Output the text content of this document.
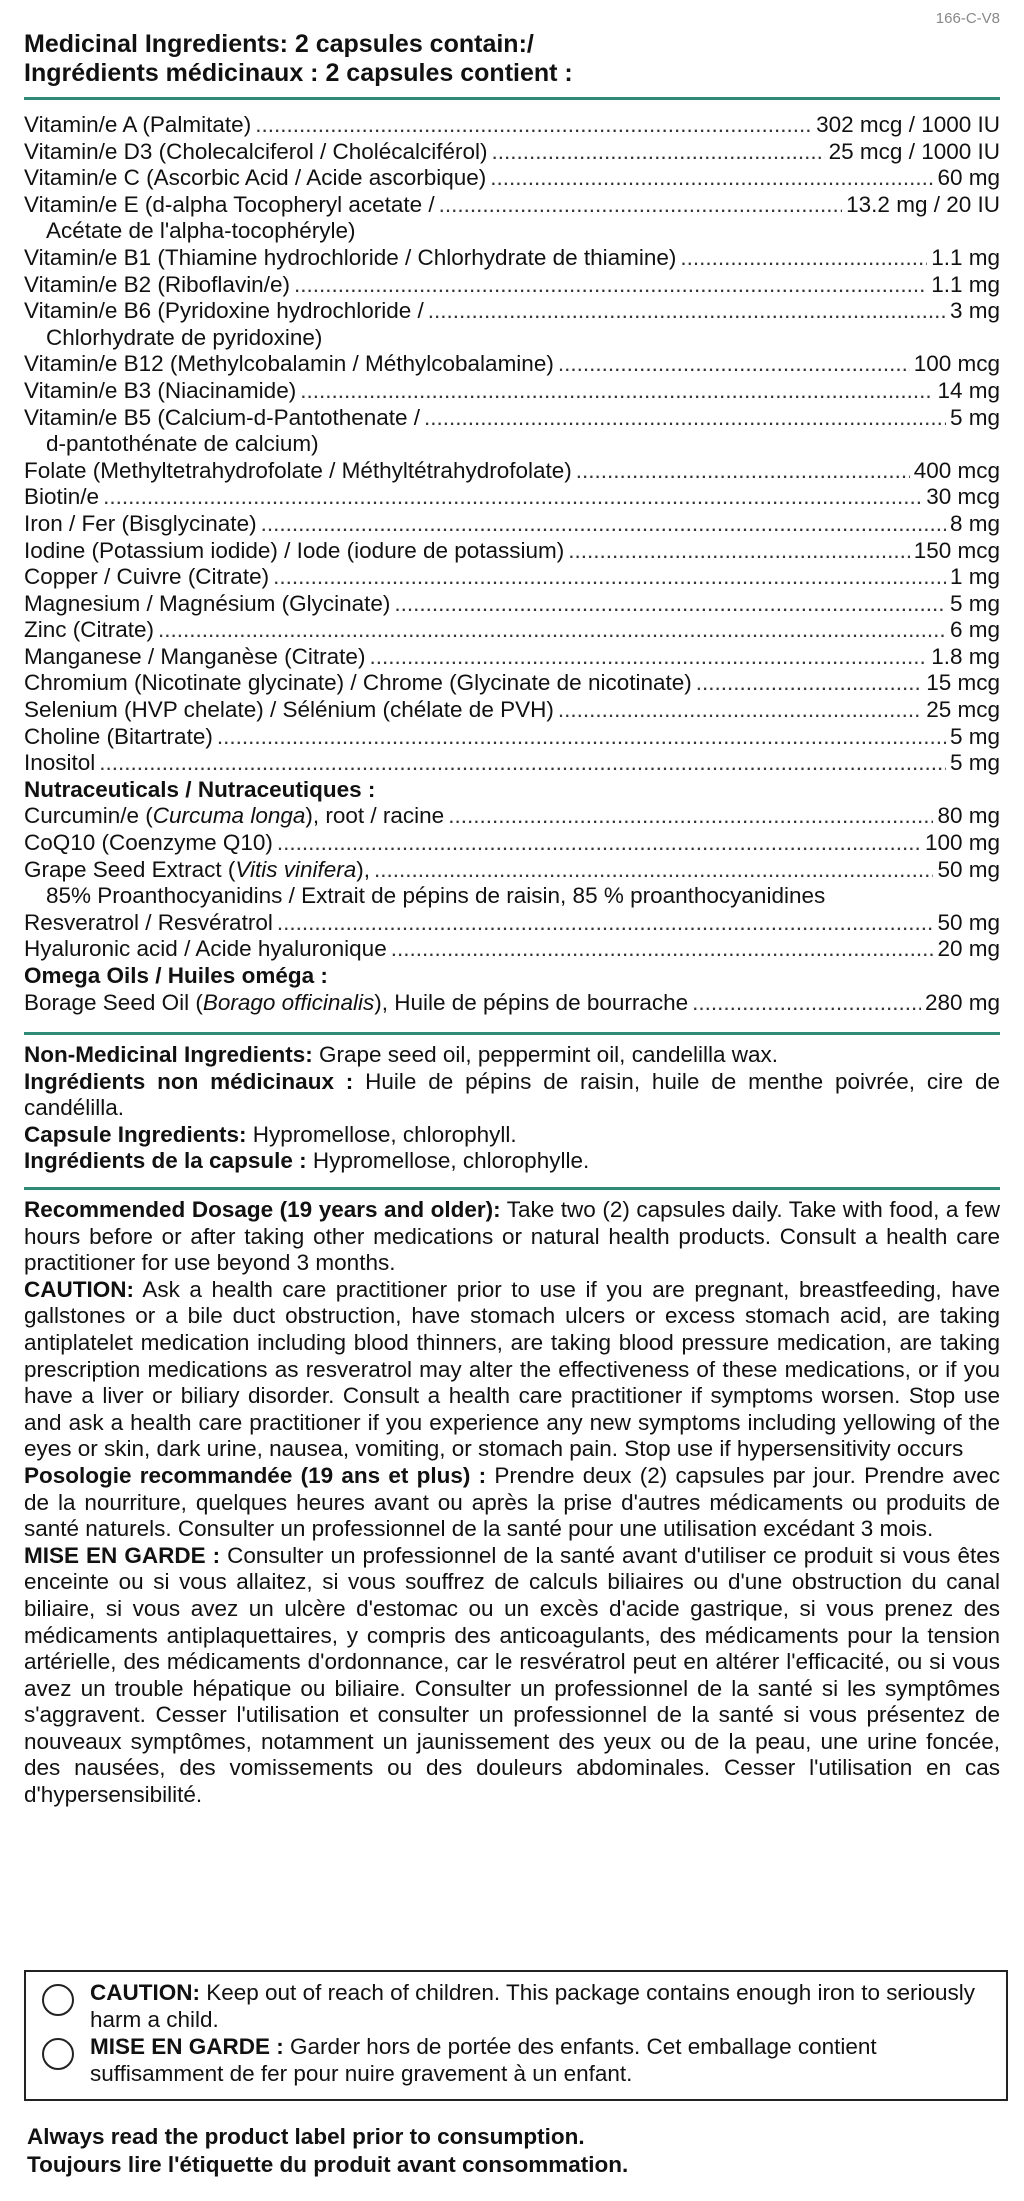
166-C-V8
Medicinal Ingredients: 2 capsules contain:/
Ingrédients médicinaux : 2 capsules contient :
Vitamin/e A (Palmitate) .....	302 mcg / 1000 IU
Vitamin/e D3 (Cholecalciferol / Cholécalciférol) .....	25 mcg / 1000 IU
Vitamin/e C (Ascorbic Acid / Acide ascorbique) .....	60 mg
Vitamin/e E (d-alpha Tocopheryl acetate / .....	13.2 mg / 20 IU
Acétate de l'alpha-tocophéryle)
Vitamin/e B1 (Thiamine hydrochloride / Chlorhydrate de thiamine) .....	1.1 mg
Vitamin/e B2 (Riboflavin/e) .....	1.1 mg
Vitamin/e B6 (Pyridoxine hydrochloride / .....	3 mg
Chlorhydrate de pyridoxine)
Vitamin/e B12 (Methylcobalamin / Méthylcobalamine) .....	100 mcg
Vitamin/e B3 (Niacinamide) .....	14 mg
Vitamin/e B5 (Calcium-d-Pantothenate / .....	5 mg
d-pantothénate de calcium)
Folate (Methyltetrahydrofolate / Méthyltétrahydrofolate) .....	400 mcg
Biotin/e .....	30 mcg
Iron / Fer (Bisglycinate) .....	8 mg
Iodine (Potassium iodide) / Iode (iodure de potassium) .....	150 mcg
Copper / Cuivre (Citrate) .....	1 mg
Magnesium / Magnésium (Glycinate) .....	5 mg
Zinc (Citrate) .....	6 mg
Manganese / Manganèse (Citrate) .....	1.8 mg
Chromium (Nicotinate glycinate) / Chrome (Glycinate de nicotinate) .....	15 mcg
Selenium (HVP chelate) / Sélénium (chélate de PVH) .....	25 mcg
Choline (Bitartrate) .....	5 mg
Inositol .....	5 mg
Nutraceuticals / Nutraceutiques :
Curcumin/e (Curcuma longa), root / racine .....	80 mg
CoQ10 (Coenzyme Q10) .....	100 mg
Grape Seed Extract (Vitis vinifera), .....	50 mg
85% Proanthocyanidins / Extrait de pépins de raisin, 85 % proanthocyanidines
Resveratrol / Resvératrol .....	50 mg
Hyaluronic acid / Acide hyaluronique .....	20 mg
Omega Oils / Huiles oméga :
Borage Seed Oil (Borago officinalis), Huile de pépins de bourrache .....	280 mg
Non-Medicinal Ingredients: Grape seed oil, peppermint oil, candelilla wax.
Ingrédients non médicinaux : Huile de pépins de raisin, huile de menthe poivrée, cire de candélilla.
Capsule Ingredients: Hypromellose, chlorophyll.
Ingrédients de la capsule : Hypromellose, chlorophylle.
Recommended Dosage (19 years and older): Take two (2) capsules daily. Take with food, a few hours before or after taking other medications or natural health products. Consult a health care practitioner for use beyond 3 months.
CAUTION: Ask a health care practitioner prior to use if you are pregnant, breastfeeding, have gallstones or a bile duct obstruction, have stomach ulcers or excess stomach acid, are taking antiplatelet medication including blood thinners, are taking blood pressure medication, are taking prescription medications as resveratrol may alter the effectiveness of these medications, or if you have a liver or biliary disorder. Consult a health care practitioner if symptoms worsen. Stop use and ask a health care practitioner if you experience any new symptoms including yellowing of the eyes or skin, dark urine, nausea, vomiting, or stomach pain. Stop use if hypersensitivity occurs
Posologie recommandée (19 ans et plus) : Prendre deux (2) capsules par jour. Prendre avec de la nourriture, quelques heures avant ou après la prise d'autres médicaments ou produits de santé naturels. Consulter un professionnel de la santé pour une utilisation excédant 3 mois.
MISE EN GARDE : Consulter un professionnel de la santé avant d'utiliser ce produit si vous êtes enceinte ou si vous allaitez, si vous souffrez de calculs biliaires ou d'une obstruction du canal biliaire, si vous avez un ulcère d'estomac ou un excès d'acide gastrique, si vous prenez des médicaments antiplaquettaires, y compris des anticoagulants, des médicaments pour la tension artérielle, des médicaments d'ordonnance, car le resvératrol peut en altérer l'efficacité, ou si vous avez un trouble hépatique ou biliaire. Consulter un professionnel de la santé si les symptômes s'aggravent. Cesser l'utilisation et consulter un professionnel de la santé si vous présentez de nouveaux symptômes, notamment un jaunissement des yeux ou de la peau, une urine foncée, des nausées, des vomissements ou des douleurs abdominales. Cesser l'utilisation en cas d'hypersensibilité.
CAUTION: Keep out of reach of children. This package contains enough iron to seriously harm a child.
MISE EN GARDE : Garder hors de portée des enfants. Cet emballage contient suffisamment de fer pour nuire gravement à un enfant.
Always read the product label prior to consumption.
Toujours lire l'étiquette du produit avant consommation.
